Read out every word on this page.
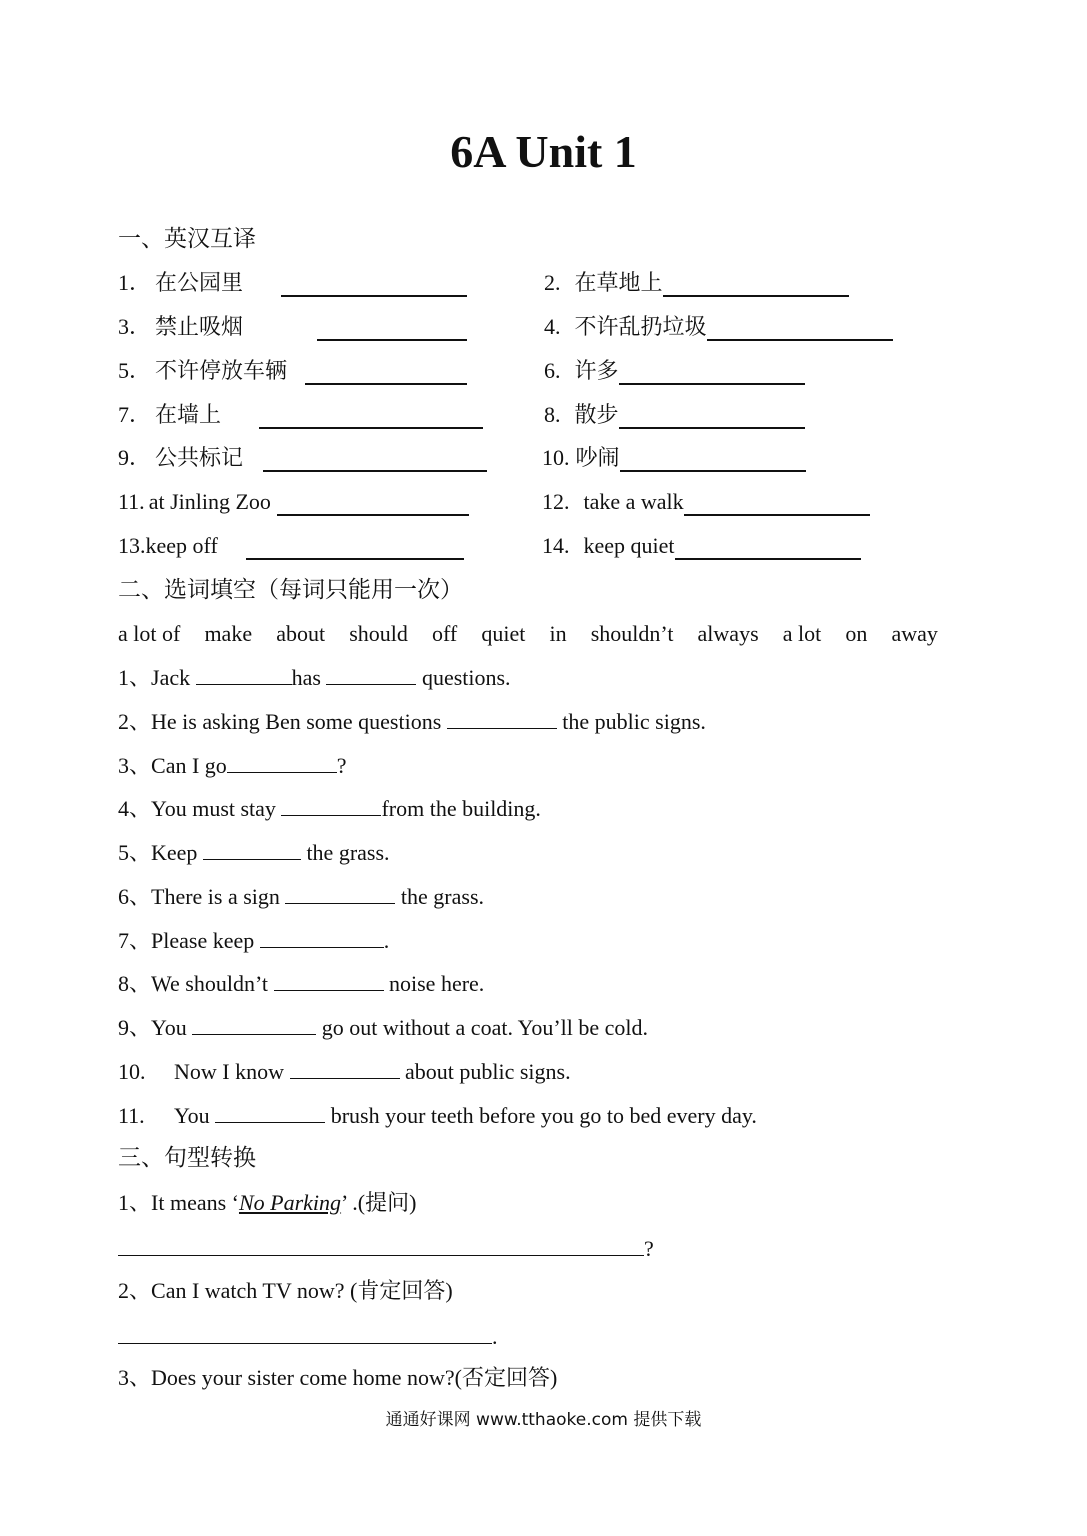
6A Unit 1
一、英汉互译
1． 在公园里	2. 在草地上
3． 禁止吸烟	4. 不许乱扔垃圾
5． 不许停放车辆	6. 许多
7． 在墙上	8. 散步
9． 公共标记	10. 吵闹
11. at Jinling Zoo	12. take a walk
13. keep off	14. keep quiet
二、选词填空（每词只能用一次）
a lot of make about should off quiet in shouldn’t always a lot on away
1、Jack	has	questions.
2、He is asking Ben some questions	the public signs.
3、Can I go	?
4、You must stay	from the building.
5、Keep	the grass.
6、There is a sign	the grass.
7、Please keep	.
8、We shouldn’t	noise here.
9、You	go out without a coat. You’ll be cold.
10. Now I know	about public signs.
11. You	brush your teeth before you go to bed every day.
三、句型转换
1、It means ‘No Parking’ .(提问)
?
2、Can I watch TV now? (肯定回答)
.
3、Does your sister come home now?(否定回答)
通通好课网 www.tthaoke.com 提供下载
